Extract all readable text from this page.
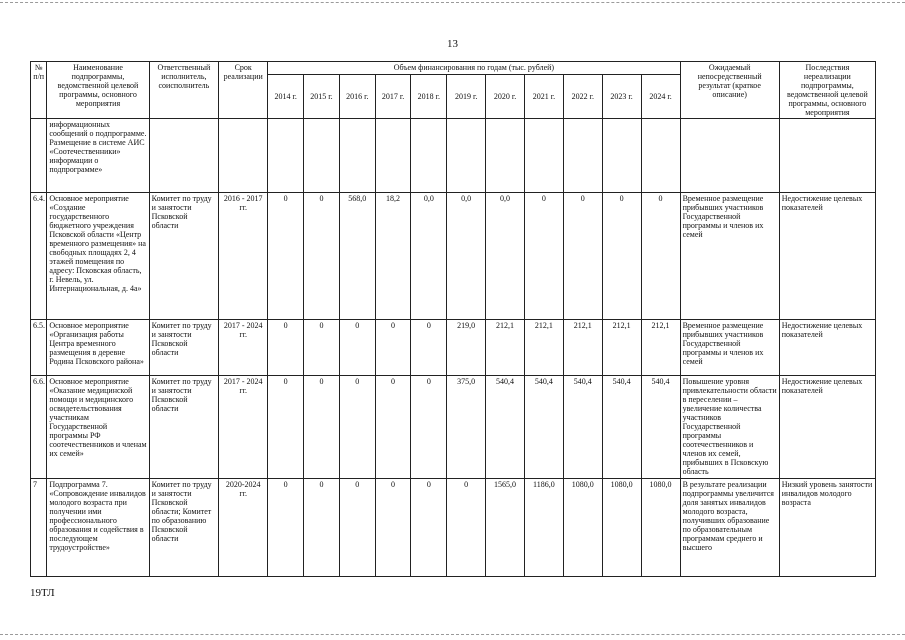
13
№ п/п	Наименование подпрограммы, ведомственной целевой программы, основного мероприятия	Ответственный исполнитель, соисполнитель	Срок реализации	Объем финансирования по годам (тыс. рублей)											Ожидаемый непосредственный результат (краткое описание)	Последствия нереализации подпрограммы, ведомственной целевой программы, основного мероприятия
				2014 г.	2015 г.	2016 г.	2017 г.	2018 г.	2019 г.	2020 г.	2021 г.	2022 г.	2023 г.	2024 г.		
	информационных сообщений о подпрограмме. Размещение в системе АИС «Соотечественники» информации о подпрограмме»															
6.4.	Основное мероприятие «Создание государственного бюджетного учреждения Псковской области «Центр временного размещения» на свободных площадях 2, 4 этажей помещения по адресу: Псковская область, г. Невель, ул. Интернациональная, д. 4а»	Комитет по труду и занятости Псковской области	2016 - 2017 гг.	0	0	568,0	18,2	0,0	0,0	0,0	0	0	0	0	Временное размещение прибывших участников Государственной программы и членов их семей	Недостижение целевых показателей
6.5.	Основное мероприятие «Организация работы Центра временного размещения в деревне Родина Псковского района»	Комитет по труду и занятости Псковской области	2017 - 2024 гг.	0	0	0	0	0	219,0	212,1	212,1	212,1	212,1	212,1	Временное размещение прибывших участников Государственной программы и членов их семей	Недостижение целевых показателей
6.6.	Основное мероприятие «Оказание медицинской помощи и медицинского освидетельствования участникам Государственной программы РФ соотечественников и членам их семей»	Комитет по труду и занятости Псковской области	2017 - 2024 гг.	0	0	0	0	0	375,0	540,4	540,4	540,4	540,4	540,4	Повышение уровня привлекательности области в переселении – увеличение количества участников Государственной программы соотечественников и членов их семей, прибывших в Псковскую область	Недостижение целевых показателей
7	Подпрограмма 7. «Сопровождение инвалидов молодого возраста при получении ими профессионального образования и содействия в последующем трудоустройстве»	Комитет по труду и занятости Псковской области; Комитет по образованию Псковской области	2020-2024 гг.	0	0	0	0	0	0	1565,0	1186,0	1080,0	1080,0	1080,0	В результате реализации подпрограммы увеличится доля занятых инвалидов молодого возраста, получивших образование по образовательным программам среднего и высшего	Низкий уровень занятости инвалидов молодого возраста
19ТЛ
